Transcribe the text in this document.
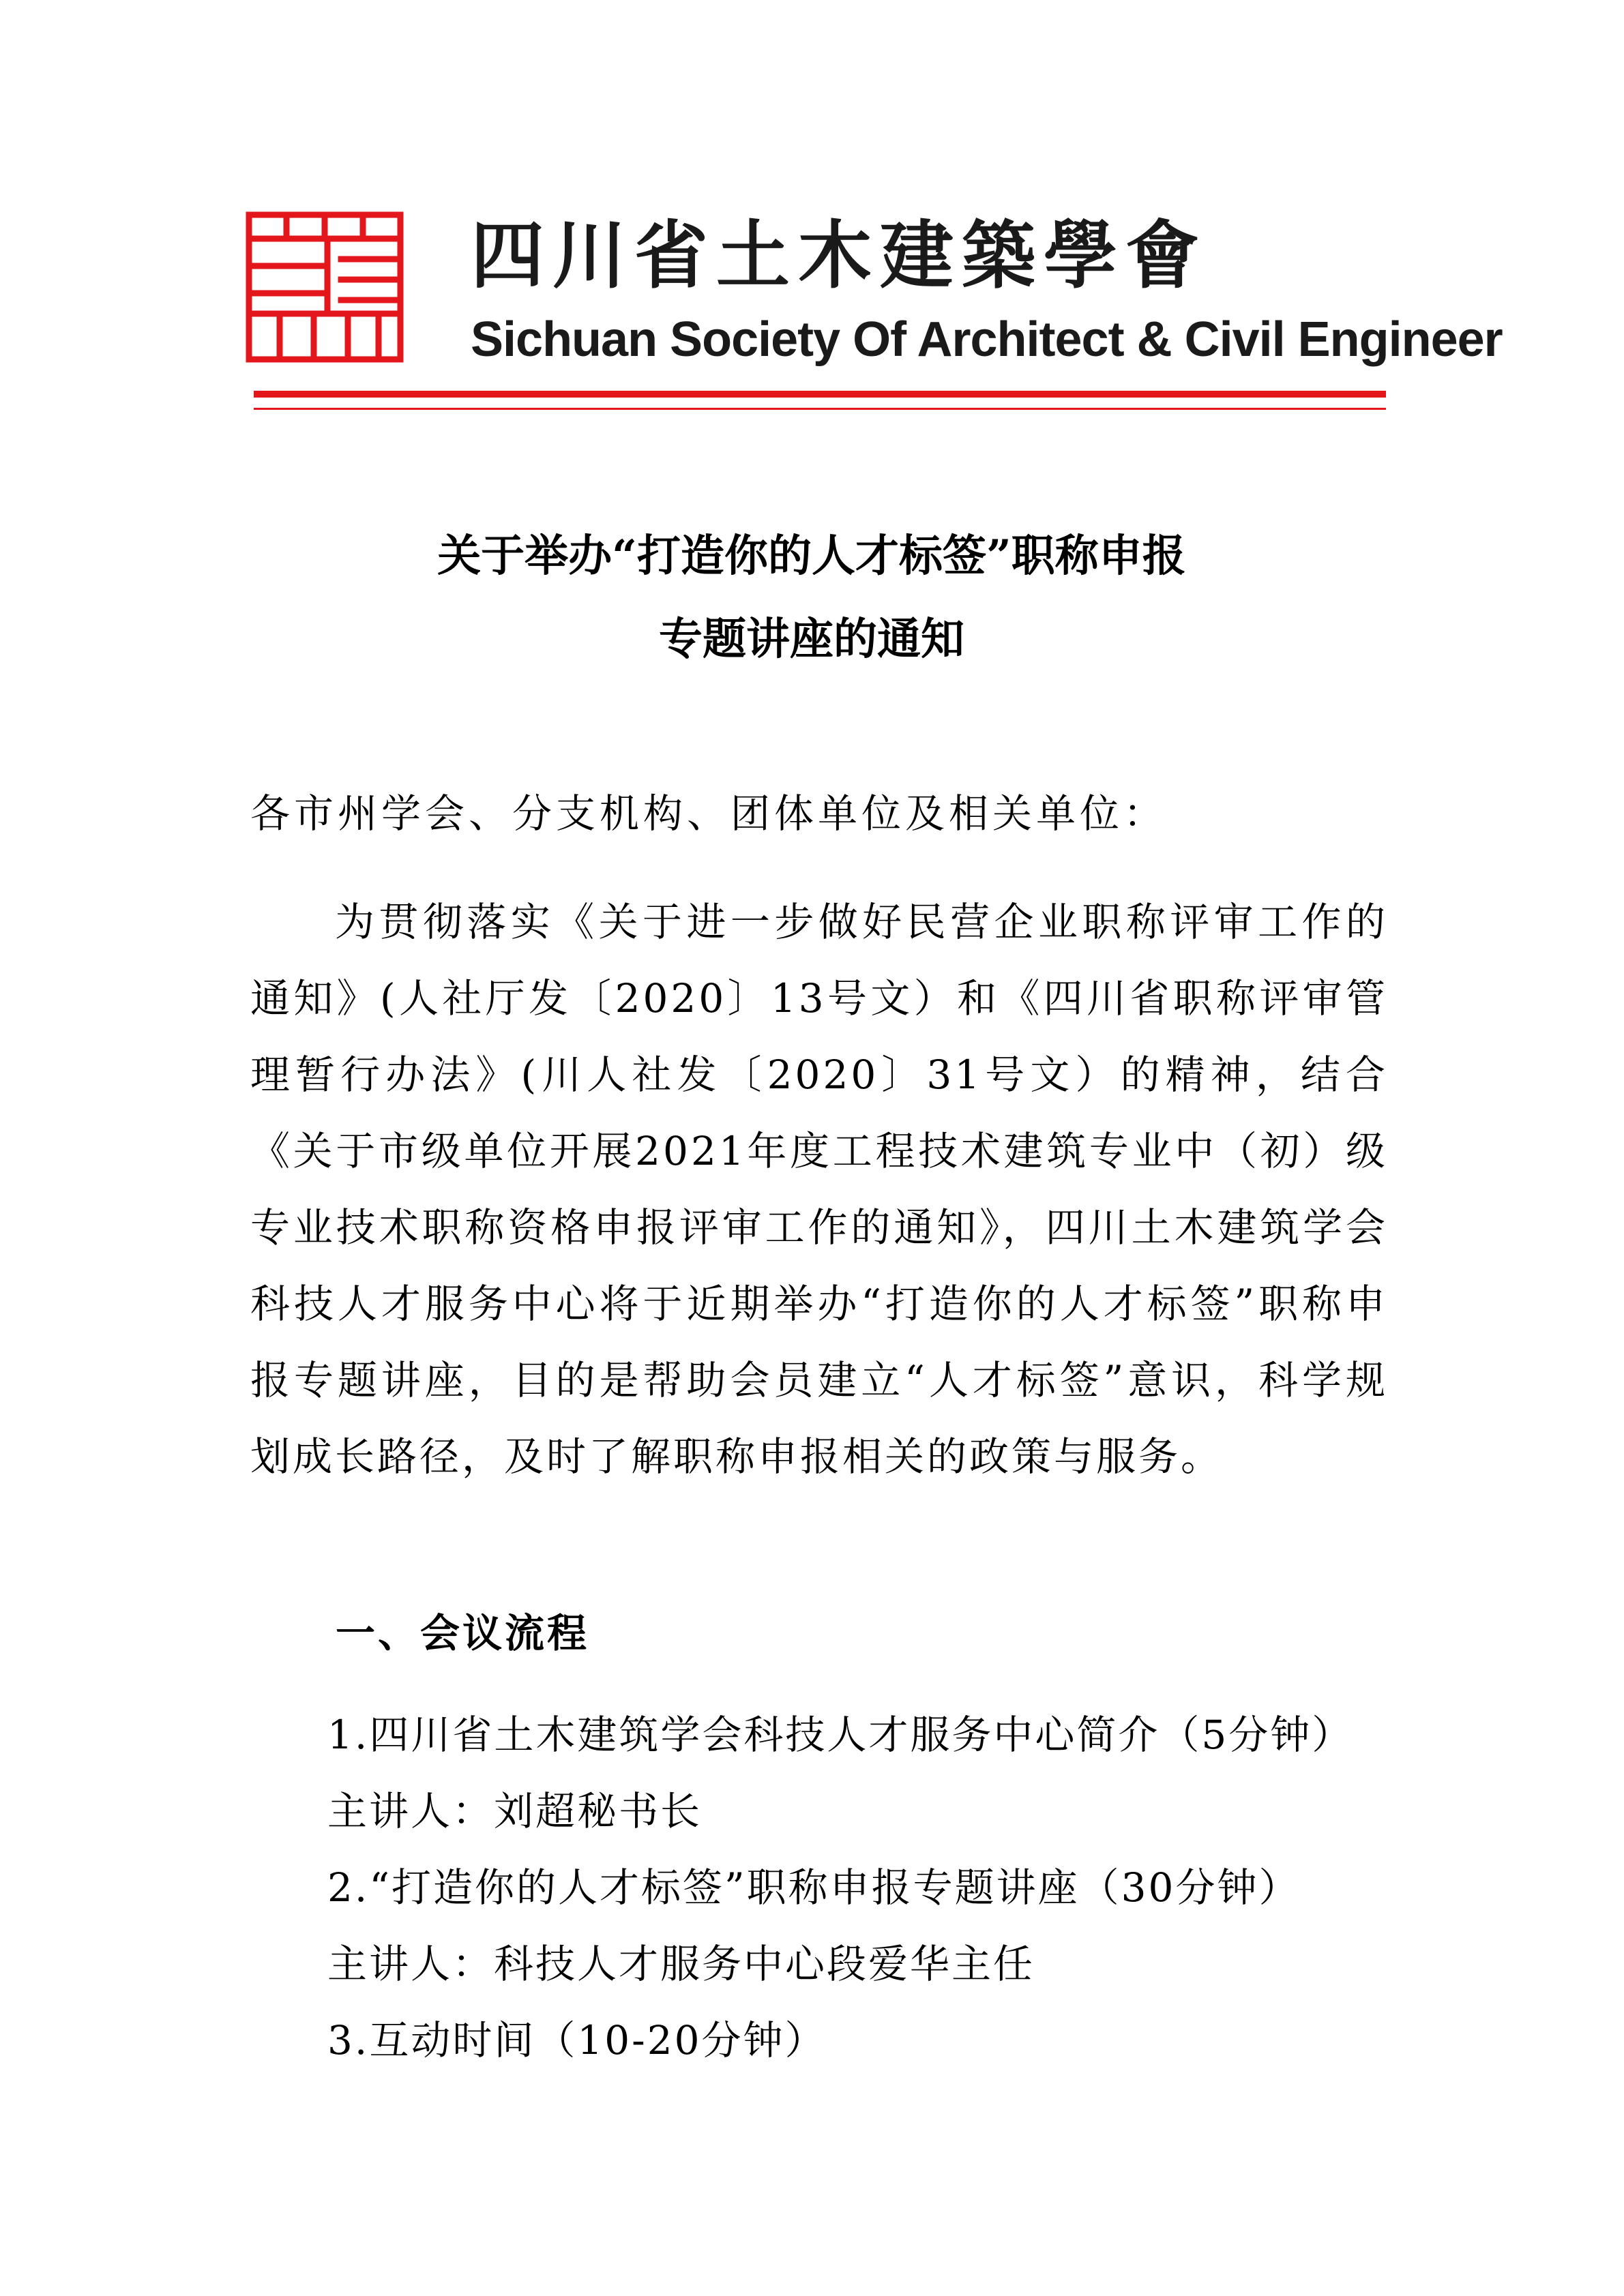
四川省土木建築學會
Sichuan Society Of Architect & Civil Engineer
关于举办“打造你的人才标签”职称申报
专题讲座的通知
各市州学会、分支机构、团体单位及相关单位：

为贯彻落实《关于进一步做好民营企业职称评审工作的通知》(人社厅发〔2020〕13号文）和《四川省职称评审管理暂行办法》(川人社发〔2020〕31号文）的精神，结合《关于市级单位开展2021年度工程技术建筑专业中（初）级专业技术职称资格申报评审工作的通知》，四川土木建筑学会科技人才服务中心将于近期举办“打造你的人才标签”职称申报专题讲座，目的是帮助会员建立“人才标签”意识，科学规划成长路径，及时了解职称申报相关的政策与服务。

一、会议流程
1.四川省土木建筑学会科技人才服务中心简介（5分钟）
主讲人：刘超秘书长
2.“打造你的人才标签”职称申报专题讲座（30分钟）
主讲人：科技人才服务中心段爱华主任
3.互动时间（10-20分钟）
